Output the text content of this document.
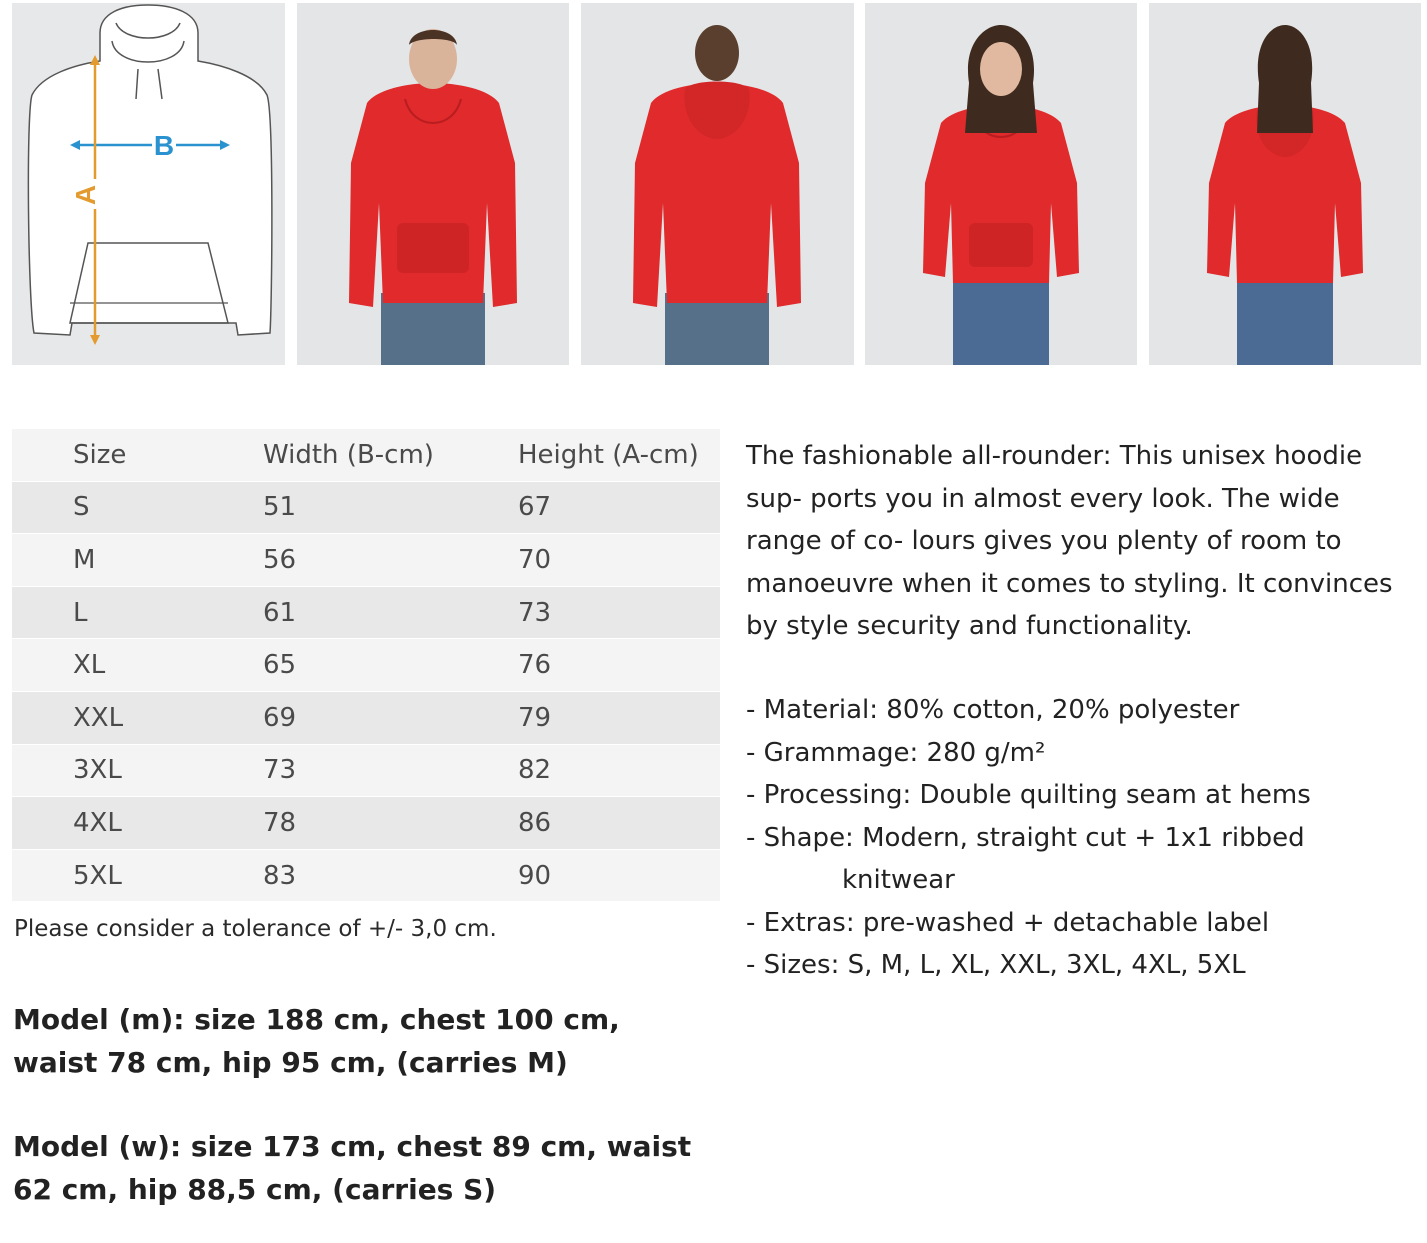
B
A
Size	Width (B-cm)	Height (A-cm)
S	51	67
M	56	70
L	61	73
XL	65	76
XXL	69	79
3XL	73	82
4XL	78	86
5XL	83	90
Please consider a tolerance of +/- 3,0 cm.
Model (m): size 188 cm, chest 100 cm, waist 78 cm, hip 95 cm, (carries M)
Model (w): size 173 cm, chest 89 cm, waist 62 cm, hip 88,5 cm, (carries S)

The fashionable all-rounder: This unisex hoodie sup- ports you in almost every look. The wide range of co- lours gives you plenty of room to manoeuvre when it comes to styling. It convinces by style security and functionality.

- Material: 80% cotton, 20% polyester
- Grammage: 280 g/m²
- Processing: Double quilting seam at hems
- Shape: Modern, straight cut + 1x1 ribbed
knitwear
- Extras: pre-washed + detachable label
- Sizes: S, M, L, XL, XXL, 3XL, 4XL, 5XL
